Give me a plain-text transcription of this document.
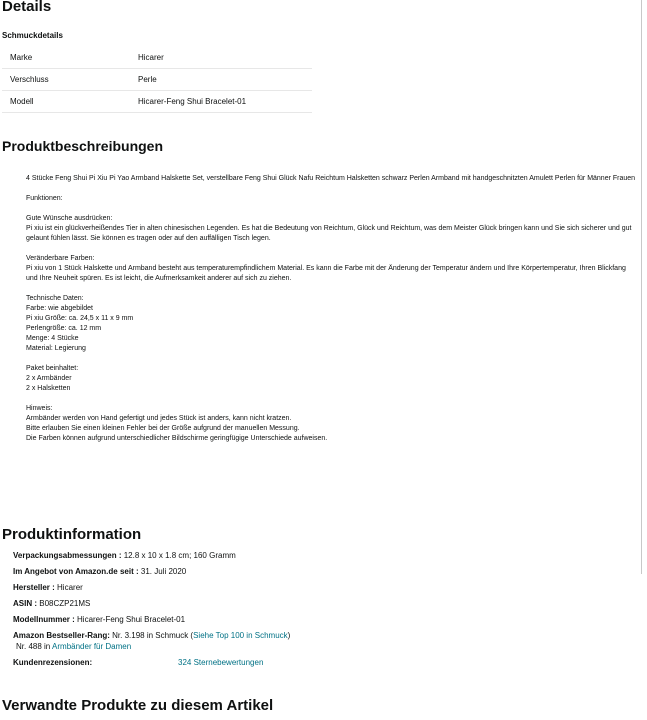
Details
Schmuckdetails
Marke	Hicarer
Verschluss	Perle
Modell	Hicarer-Feng Shui Bracelet-01
Produktbeschreibungen

4 Stücke Feng Shui Pi Xiu Pi Yao Armband Halskette Set, verstellbare Feng Shui Glück Nafu Reichtum Halsketten schwarz Perlen Armband mit handgeschnitzten Amulett Perlen für Männer Frauen

Funktionen:

Gute Wünsche ausdrücken:
Pi xiu ist ein glückverheißendes Tier in alten chinesischen Legenden. Es hat die Bedeutung von Reichtum, Glück und Reichtum, was dem Meister Glück bringen kann und Sie sich sicherer und gut gelaunt fühlen lässt. Sie können es tragen oder auf den auffälligen Tisch legen.

Veränderbare Farben:
Pi xiu von 1 Stück Halskette und Armband besteht aus temperaturempfindlichem Material. Es kann die Farbe mit der Änderung der Temperatur ändern und Ihre Körpertemperatur, Ihren Blickfang und Ihre Neuheit spüren. Es ist leicht, die Aufmerksamkeit anderer auf sich zu ziehen.

Technische Daten:
Farbe: wie abgebildet
Pi xiu Größe: ca. 24,5 x 11 x 9 mm
Perlengröße: ca. 12 mm
Menge: 4 Stücke
Material: Legierung

Paket beinhaltet:
2 x Armbänder
2 x Halsketten

Hinweis:
Armbänder werden von Hand gefertigt und jedes Stück ist anders, kann nicht kratzen.
Bitte erlauben Sie einen kleinen Fehler bei der Größe aufgrund der manuellen Messung.
Die Farben können aufgrund unterschiedlicher Bildschirme geringfügige Unterschiede aufweisen.

Produktinformation
Verpackungsabmessungen : 12.8 x 10 x 1.8 cm; 160 Gramm
Im Angebot von Amazon.de seit : 31. Juli 2020
Hersteller : Hicarer
ASIN : B08CZP21MS
Modellnummer : Hicarer-Feng Shui Bracelet-01
Amazon Bestseller-Rang: Nr. 3.198 in Schmuck (Siehe Top 100 in Schmuck)
Nr. 488 in Armbänder für Damen
Kundenrezensionen:	324 Sternebewertungen
Verwandte Produkte zu diesem Artikel
